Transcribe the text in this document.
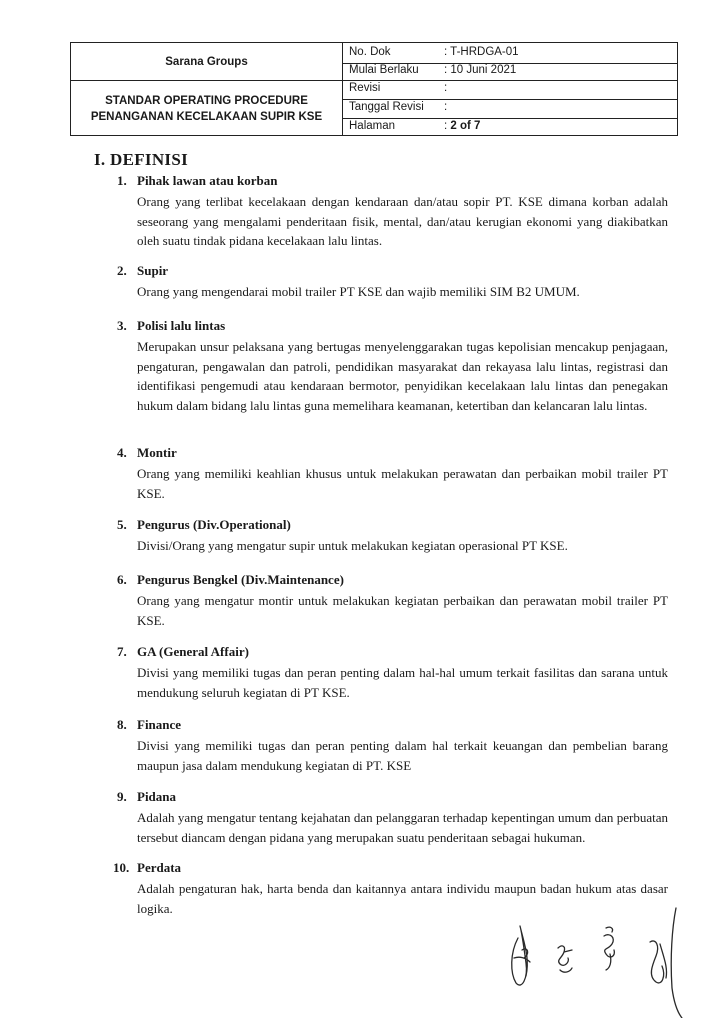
Sarana Groups
STANDAR OPERATING PROCEDURE
PENANGANAN KECELAKAAN SUPIR KSE
No. Dok	: T-HRDGA-01
Mulai Berlaku : 10 Juni 2021
Revisi	:
Tanggal Revisi :
Halaman	: 2 of 7
I. DEFINISI
1. Pihak lawan atau korban
Orang yang terlibat kecelakaan dengan kendaraan dan/atau sopir PT. KSE dimana korban adalah seseorang yang mengalami penderitaan fisik, mental, dan/atau kerugian ekonomi yang diakibatkan oleh suatu tindak pidana kecelakaan lalu lintas.
2. Supir
Orang yang mengendarai mobil trailer PT KSE dan wajib memiliki SIM B2 UMUM.
3. Polisi lalu lintas
Merupakan unsur pelaksana yang bertugas menyelenggarakan tugas kepolisian mencakup penjagaan, pengaturan, pengawalan dan patroli, pendidikan masyarakat dan rekayasa lalu lintas, registrasi dan identifikasi pengemudi atau kendaraan bermotor, penyidikan kecelakaan lalu lintas dan penegakan hukum dalam bidang lalu lintas guna memelihara keamanan, ketertiban dan kelancaran lalu lintas.
4. Montir
Orang yang memiliki keahlian khusus untuk melakukan perawatan dan perbaikan mobil trailer PT KSE.
5. Pengurus (Div.Operational)
Divisi/Orang yang mengatur supir untuk melakukan kegiatan operasional PT KSE.
6. Pengurus Bengkel (Div.Maintenance)
Orang yang mengatur montir untuk melakukan kegiatan perbaikan dan perawatan mobil trailer PT KSE.
7. GA (General Affair)
Divisi yang memiliki tugas dan peran penting dalam hal-hal umum terkait fasilitas dan sarana untuk mendukung seluruh kegiatan di PT KSE.
8. Finance
Divisi yang memiliki tugas dan peran penting dalam hal terkait keuangan dan pembelian barang maupun jasa dalam mendukung kegiatan di PT. KSE
9. Pidana
Adalah yang mengatur tentang kejahatan dan pelanggaran terhadap kepentingan umum dan perbuatan tersebut diancam dengan pidana yang merupakan suatu penderitaan sebagai hukuman.
10. Perdata
Adalah pengaturan hak, harta benda dan kaitannya antara individu maupun badan hukum atas dasar logika.
